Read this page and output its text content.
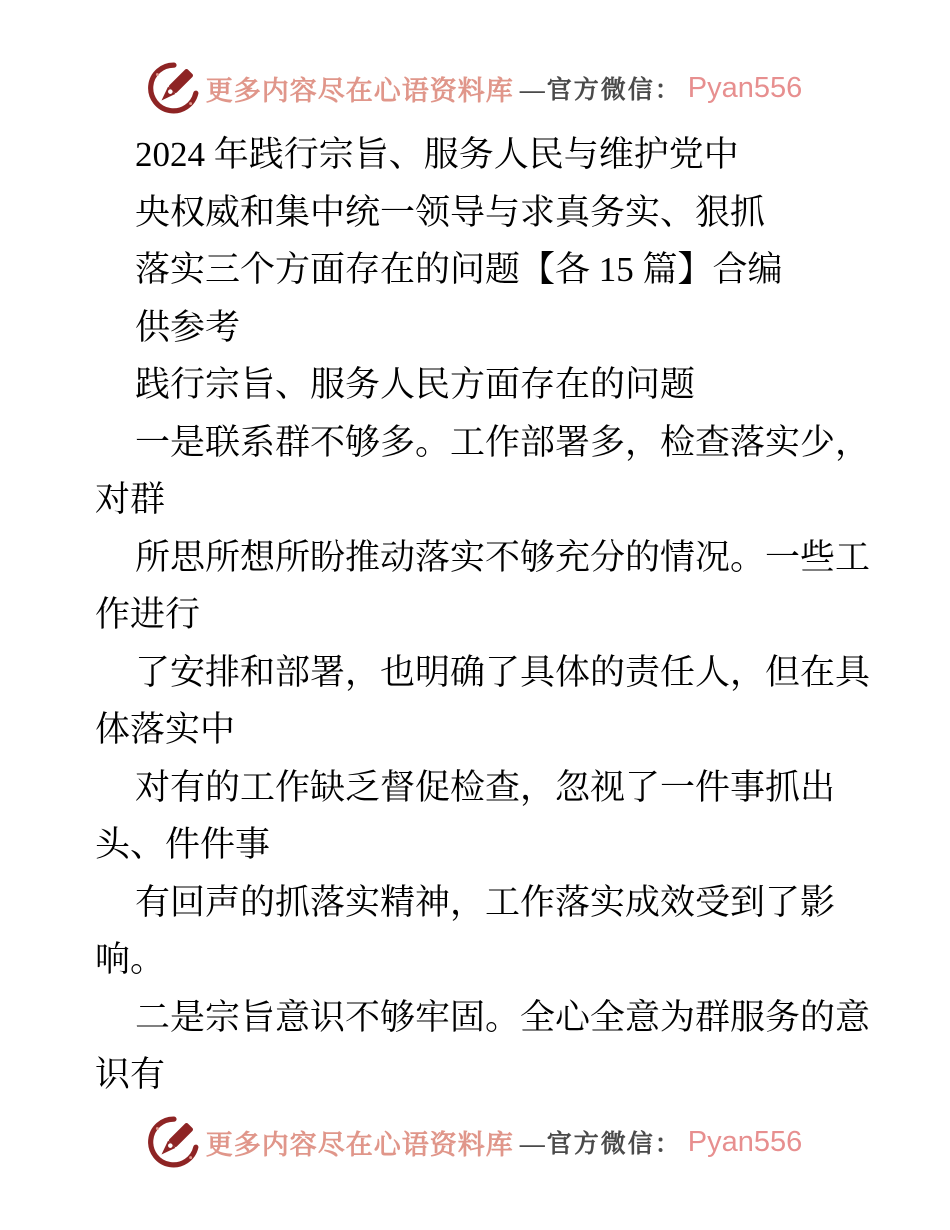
更多内容尽在心语资料库 —官方微信： Pyan556
2024 年践行宗旨、服务人民与维护党中
央权威和集中统一领导与求真务实、狠抓
落实三个方面存在的问题【各 15 篇】合编
供参考
践行宗旨、服务人民方面存在的问题
一是联系群不够多。工作部署多，检查落实少，
对群
所思所想所盼推动落实不够充分的情况。一些工
作进行
了安排和部署，也明确了具体的责任人，但在具
体落实中
对有的工作缺乏督促检查，忽视了一件事抓出
头、件件事
有回声的抓落实精神，工作落实成效受到了影
响。
二是宗旨意识不够牢固。全心全意为群服务的意
识有
更多内容尽在心语资料库 —官方微信： Pyan556
